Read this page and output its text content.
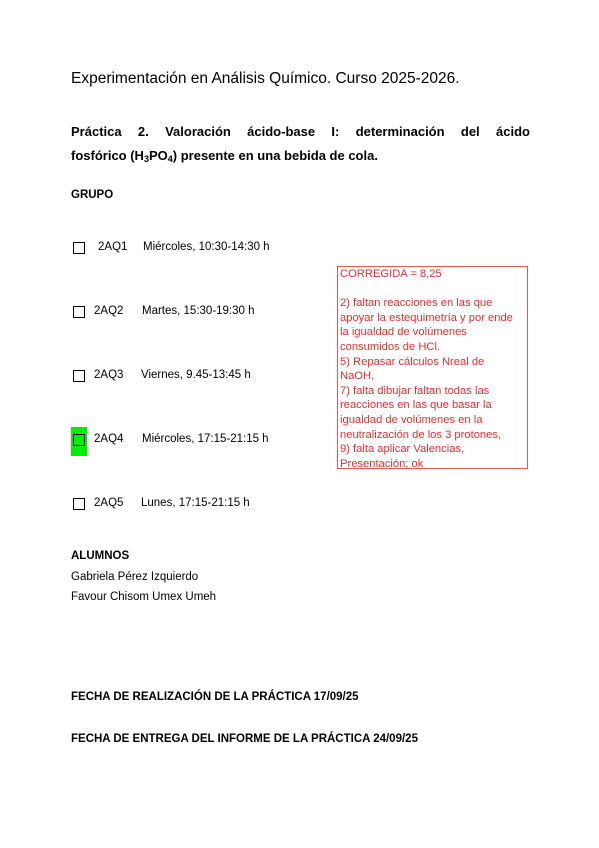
Experimentación en Análisis Químico. Curso 2025-2026.
Práctica 2. Valoración ácido-base I: determinación del ácido
fosfórico $(H_3PO_4)$ presente en una bebida de cola.
GRUPO
2AQ1 Miércoles, 10:30-14:30 h
2AQ2 Martes, 15:30-19:30 h
2AQ3 Viernes, 9.45-13:45 h
2AQ4 Miércoles, 17:15-21:15 h
2AQ5 Lunes, 17:15-21:15 h

CORREGIDA = 8,25

2) faltan reacciones en las que

apoyar la estequimetría y por ende

la igualdad de volúmenes

consumidos de HCl.

5) Repasar cálculos Nreal de

NaOH,

7) falta dibujar faltan todas las

reacciones en las que basar la

igualdad de volúmenes en la

neutralización de los 3 protones,

9) falta aplicar Valencias,

Presentación; ok

ALUMNOS
Gabriela Pérez Izquierdo
Favour Chisom Umex Umeh
FECHA DE REALIZACIÓN DE LA PRÁCTICA 17/09/25
FECHA DE ENTREGA DEL INFORME DE LA PRÁCTICA 24/09/25
